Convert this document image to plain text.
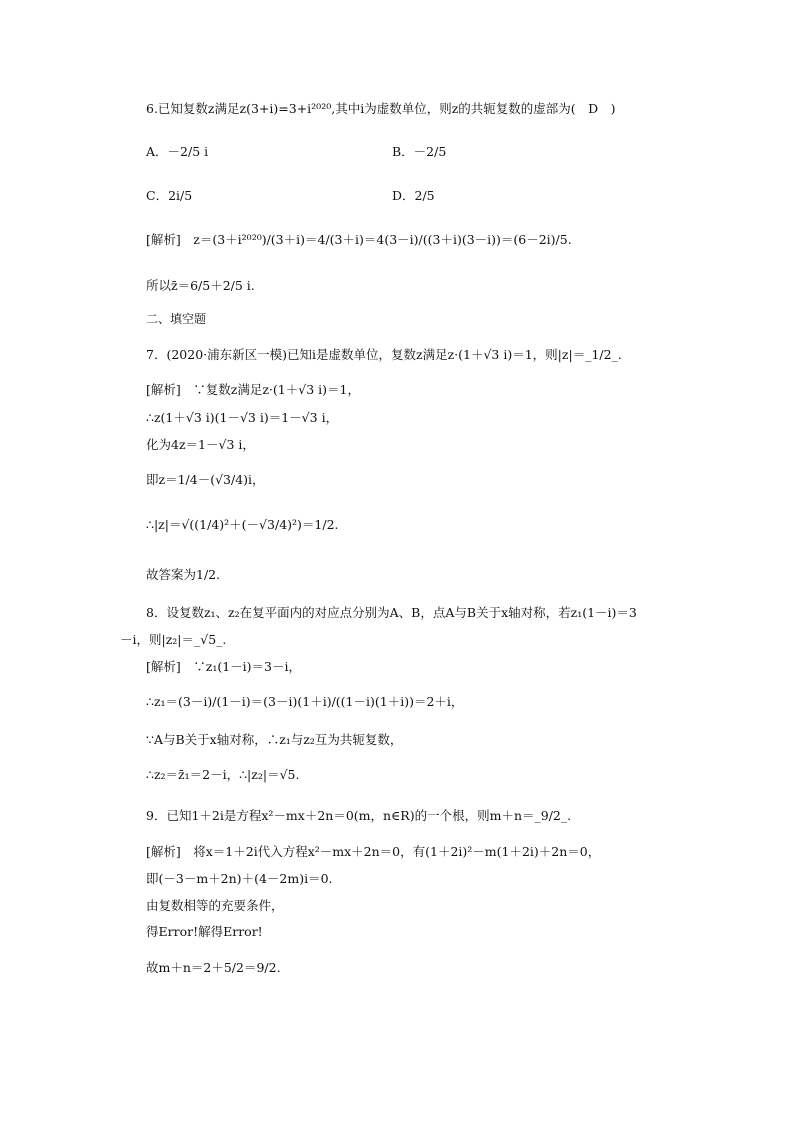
6.已知复数z满足z(3+i)=3+i²⁰²⁰,其中i为虚数单位，则z的共轭复数的虚部为(　D　)
A．－2/5 i	B．－2/5
C．2i/5	D．2/5
[解析]　z＝(3＋i²⁰²⁰)/(3＋i)＝4/(3＋i)＝4(3－i)/((3＋i)(3－i))＝(6－2i)/5.
所以z̄＝6/5＋2/5 i.
二、填空题
7．(2020·浦东新区一模)已知i是虚数单位，复数z满足z·(1＋√3 i)＝1，则|z|＝_1/2_.
[解析]　∵复数z满足z·(1＋√3 i)＝1，
∴z(1＋√3 i)(1－√3 i)＝1－√3 i，
化为4z＝1－√3 i，
即z＝1/4－(√3/4)i，
∴|z|＝√((1/4)²＋(－√3/4)²)＝1/2.
故答案为1/2.
8．设复数z₁、z₂在复平面内的对应点分别为A、B，点A与B关于x轴对称，若z₁(1－i)＝3
－i，则|z₂|＝_√5_.
[解析]　∵z₁(1－i)＝3－i，
∴z₁＝(3－i)/(1－i)＝(3－i)(1＋i)/((1－i)(1＋i))＝2＋i，
∵A与B关于x轴对称，∴z₁与z₂互为共轭复数，
∴z₂＝z̄₁＝2－i，∴|z₂|＝√5.
9．已知1＋2i是方程x²－mx＋2n＝0(m，n∈R)的一个根，则m＋n＝_9/2_.
[解析]　将x＝1＋2i代入方程x²－mx＋2n＝0，有(1＋2i)²－m(1＋2i)＋2n＝0，
即(－3－m＋2n)＋(4－2m)i＝0.
由复数相等的充要条件，
得Error!解得Error!
故m＋n＝2＋5/2＝9/2.
